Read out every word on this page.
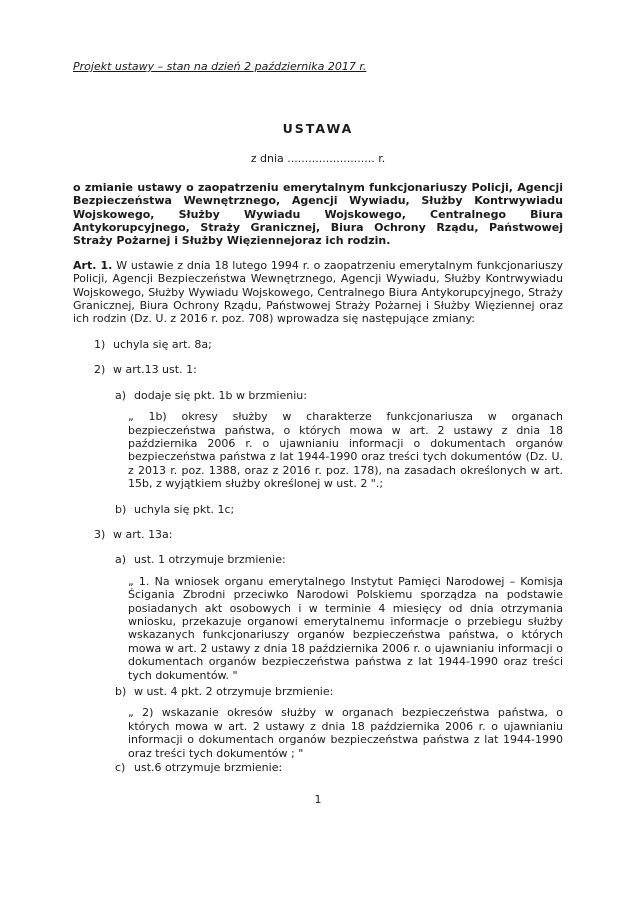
Projekt ustawy – stan na dzień 2 października 2017 r.

USTAWA

z dnia ......................... r.

o zmianie ustawy o zaopatrzeniu emerytalnym funkcjonariuszy Policji, Agencji Bezpieczeństwa Wewnętrznego, Agencji Wywiadu, Służby Kontrwywiadu Wojskowego, Służby Wywiadu Wojskowego, Centralnego Biura Antykorupcyjnego, Straży Granicznej, Biura Ochrony Rządu, Państwowej Straży Pożarnej i Służby Więziennejoraz ich rodzin.

Art. 1. W ustawie z dnia 18 lutego 1994 r. o zaopatrzeniu emerytalnym funkcjonariuszy Policji, Agencji Bezpieczeństwa Wewnętrznego, Agencji Wywiadu, Służby Kontrwywiadu Wojskowego, Służby Wywiadu Wojskowego, Centralnego Biura Antykorupcyjnego, Straży Granicznej, Biura Ochrony Rządu, Państwowej Straży Pożarnej i Służby Więziennej oraz ich rodzin (Dz. U. z 2016 r. poz. 708) wprowadza się następujące zmiany:

1) uchyla się art. 8a;
2) w art.13 ust. 1:
a) dodaje się pkt. 1b w brzmieniu:
„ 1b) okresy służby w charakterze funkcjonariusza w organach bezpieczeństwa państwa, o których mowa w art. 2 ustawy z dnia 18 października 2006 r. o ujawnianiu informacji o dokumentach organów bezpieczeństwa państwa z lat 1944-1990 oraz treści tych dokumentów (Dz. U. z 2013 r. poz. 1388, oraz z 2016 r. poz. 178), na zasadach określonych w art. 15b, z wyjątkiem służby określonej w ust. 2 ".;
b) uchyla się pkt. 1c;
3) w art. 13a:
a) ust. 1 otrzymuje brzmienie:
„ 1. Na wniosek organu emerytalnego Instytut Pamięci Narodowej – Komisja Ścigania Zbrodni przeciwko Narodowi Polskiemu sporządza na podstawie posiadanych akt osobowych i w terminie 4 miesięcy od dnia otrzymania wniosku, przekazuje organowi emerytalnemu informacje o przebiegu służby wskazanych funkcjonariuszy organów bezpieczeństwa państwa, o których mowa w art. 2 ustawy z dnia 18 października 2006 r. o ujawnianiu informacji o dokumentach organów bezpieczeństwa państwa z lat 1944-1990 oraz treści tych dokumentów. "
b) w ust. 4 pkt. 2 otrzymuje brzmienie:
„ 2) wskazanie okresów służby w organach bezpieczeństwa państwa, o których mowa w art. 2 ustawy z dnia 18 października 2006 r. o ujawnianiu informacji o dokumentach organów bezpieczeństwa państwa z lat 1944-1990 oraz treści tych dokumentów ; "
c) ust.6 otrzymuje brzmienie:
1
